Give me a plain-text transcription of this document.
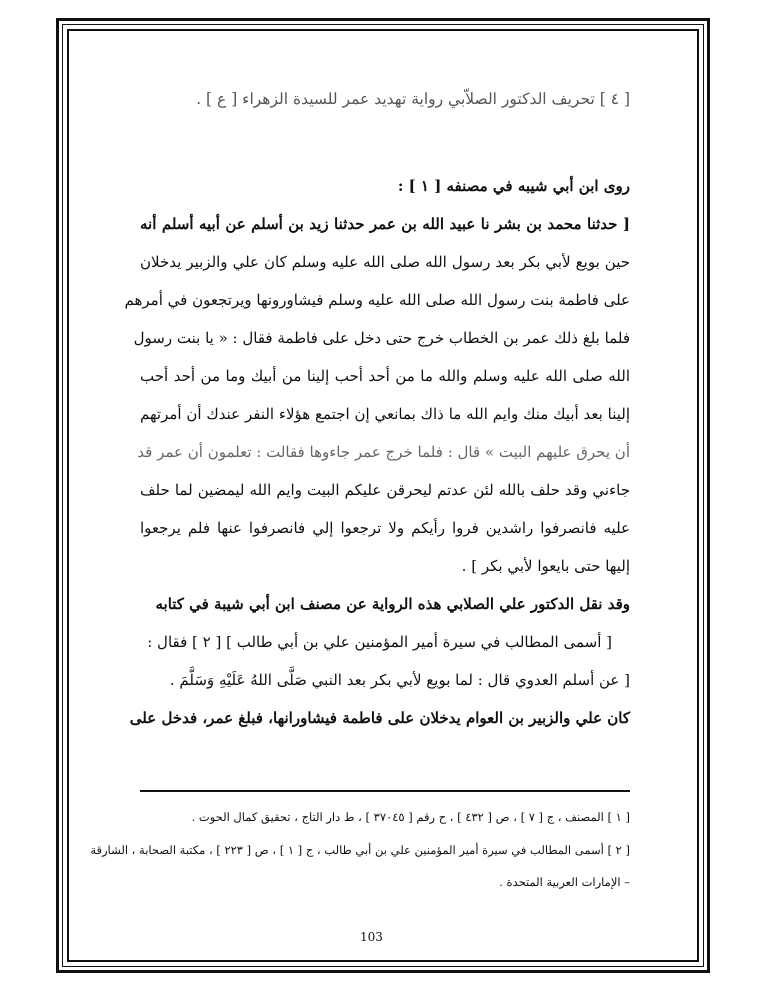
[ ٤ ] تحريف الدكتور الصلاّبي رواية تهديد عمر للسيدة الزهراء [ ع ] .
روى ابن أبي شيبه في مصنفه [ ١ ] :
[ حدثنا محمد بن بشر نا عبيد الله بن عمر حدثنا زيد بن أسلم عن أبيه أسلم أنه
حين بويع لأبي بكر بعد رسول الله صلى الله عليه وسلم كان علي والزبير يدخلان
على فاطمة بنت رسول الله صلى الله عليه وسلم فيشاورونها ويرتجعون في أمرهم
فلما بلغ ذلك عمر بن الخطاب خرج حتى دخل على فاطمة فقال : « يا بنت رسول
الله صلى الله عليه وسلم والله ما من أحد أحب إلينا من أبيك وما من أحد أحب
إلينا بعد أبيك منك وايم الله ما ذاك بمانعي إن اجتمع هؤلاء النفر عندك أن أمرتهم
أن يحرق عليهم البيت » قال : فلما خرج عمر جاءوها فقالت : تعلمون أن عمر قد
جاءني وقد حلف بالله لئن عدتم ليحرقن عليكم البيت وايم الله ليمضين لما حلف
عليه فانصرفوا راشدين فروا رأيكم ولا ترجعوا إلي فانصرفوا عنها فلم يرجعوا
إليها حتى بايعوا لأبي بكر ] .
وقد نقل الدكتور علي الصلابي هذه الرواية عن مصنف ابن أبي شيبة في كتابه
[ أسمى المطالب في سيرة أمير المؤمنين علي بن أبي طالب ] [ ٢ ] فقال :
[ عن أسلم العدوي قال : لما بويع لأبي بكر بعد النبي صَلَّى اللهُ عَلَيْهِ وَسَلَّمَ .
كان علي والزبير بن العوام يدخلان على فاطمة فيشاورانها، فبلغ عمر، فدخل على
[ ١ ] المصنف ، ج [ ٧ ] ، ص [ ٤٣٢ ] ، ح رقم [ ٣٧٠٤٥ ] ، ط دار التاج ، تحقيق كمال الحوت .
[ ٢ ] أسمى المطالب في سيرة أمير المؤمنين علي بن أبي طالب ، ج [ ١ ] ، ص [ ٢٢٣ ] ، مكتبة الصحابة ، الشارقة
– الإمارات العربية المتحدة .
103
